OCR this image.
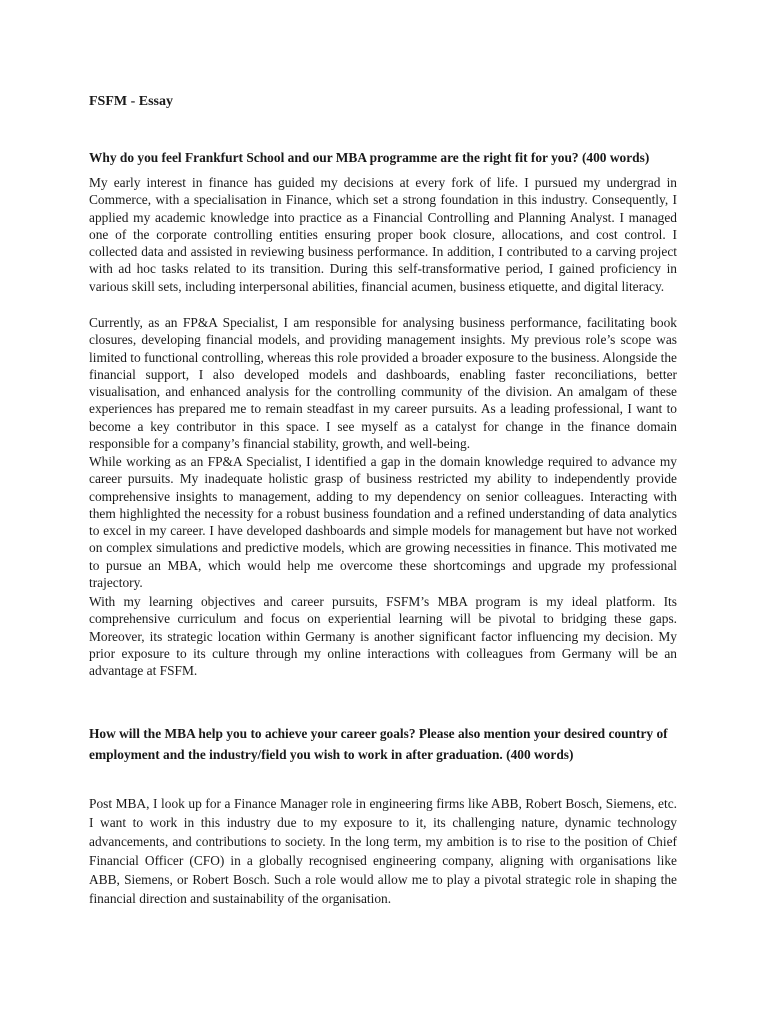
FSFM - Essay

Why do you feel Frankfurt School and our MBA programme are the right fit for you? (400 words)

My early interest in finance has guided my decisions at every fork of life. I pursued my undergrad in Commerce, with a specialisation in Finance, which set a strong foundation in this industry. Consequently, I applied my academic knowledge into practice as a Financial Controlling and Planning Analyst. I managed one of the corporate controlling entities ensuring proper book closure, allocations, and cost control. I collected data and assisted in reviewing business performance. In addition, I contributed to a carving project with ad hoc tasks related to its transition. During this self-transformative period, I gained proficiency in various skill sets, including interpersonal abilities, financial acumen, business etiquette, and digital literacy.

Currently, as an FP&A Specialist, I am responsible for analysing business performance, facilitating book closures, developing financial models, and providing management insights. My previous role’s scope was limited to functional controlling, whereas this role provided a broader exposure to the business. Alongside the financial support, I also developed models and dashboards, enabling faster reconciliations, better visualisation, and enhanced analysis for the controlling community of the division. An amalgam of these experiences has prepared me to remain steadfast in my career pursuits. As a leading professional, I want to become a key contributor in this space. I see myself as a catalyst for change in the finance domain responsible for a company’s financial stability, growth, and well-being.

While working as an FP&A Specialist, I identified a gap in the domain knowledge required to advance my career pursuits. My inadequate holistic grasp of business restricted my ability to independently provide comprehensive insights to management, adding to my dependency on senior colleagues. Interacting with them highlighted the necessity for a robust business foundation and a refined understanding of data analytics to excel in my career. I have developed dashboards and simple models for management but have not worked on complex simulations and predictive models, which are growing necessities in finance. This motivated me to pursue an MBA, which would help me overcome these shortcomings and upgrade my professional trajectory.

With my learning objectives and career pursuits, FSFM’s MBA program is my ideal platform. Its comprehensive curriculum and focus on experiential learning will be pivotal to bridging these gaps. Moreover, its strategic location within Germany is another significant factor influencing my decision. My prior exposure to its culture through my online interactions with colleagues from Germany will be an advantage at FSFM.

How will the MBA help you to achieve your career goals? Please also mention your desired country of employment and the industry/field you wish to work in after graduation. (400 words)

Post MBA, I look up for a Finance Manager role in engineering firms like ABB, Robert Bosch, Siemens, etc. I want to work in this industry due to my exposure to it, its challenging nature, dynamic technology advancements, and contributions to society. In the long term, my ambition is to rise to the position of Chief Financial Officer (CFO) in a globally recognised engineering company, aligning with organisations like ABB, Siemens, or Robert Bosch. Such a role would allow me to play a pivotal strategic role in shaping the financial direction and sustainability of the organisation.
